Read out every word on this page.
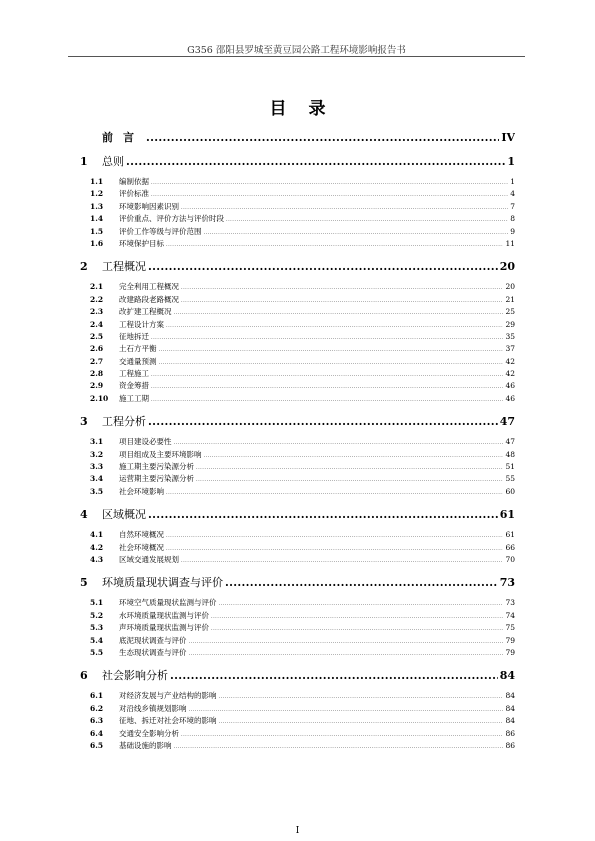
G356 邵阳县罗城至黄豆园公路工程环境影响报告书
目录
前言 .....	IV
1	总则 .....	1
1.1	编制依据 .....	1
1.2	评价标准 .....	4
1.3	环境影响因素识别 .....	7
1.4	评价重点、评价方法与评价时段 .....	8
1.5	评价工作等级与评价范围 .....	9
1.6	环境保护目标 .....	11
2	工程概况 .....	20
2.1	完全利用工程概况 .....	20
2.2	改建路段老路概况 .....	21
2.3	改扩建工程概况 .....	25
2.4	工程设计方案 .....	29
2.5	征地拆迁 .....	35
2.6	土石方平衡 .....	37
2.7	交通量预测 .....	42
2.8	工程施工 .....	42
2.9	资金筹措 .....	46
2.10	施工工期 .....	46
3	工程分析 .....	47
3.1	项目建设必要性 .....	47
3.2	项目组成及主要环境影响 .....	48
3.3	施工期主要污染源分析 .....	51
3.4	运营期主要污染源分析 .....	55
3.5	社会环境影响 .....	60
4	区域概况 .....	61
4.1	自然环境概况 .....	61
4.2	社会环境概况 .....	66
4.3	区域交通发展规划 .....	70
5	环境质量现状调查与评价 .....	73
5.1	环境空气质量现状监测与评价 .....	73
5.2	水环境质量现状监测与评价 .....	74
5.3	声环境质量现状监测与评价 .....	75
5.4	底泥现状调查与评价 .....	79
5.5	生态现状调查与评价 .....	79
6	社会影响分析 .....	84
6.1	对经济发展与产业结构的影响 .....	84
6.2	对沿线乡镇规划影响 .....	84
6.3	征地、拆迁对社会环境的影响 .....	84
6.4	交通安全影响分析 .....	86
6.5	基础设施的影响 .....	86
I
